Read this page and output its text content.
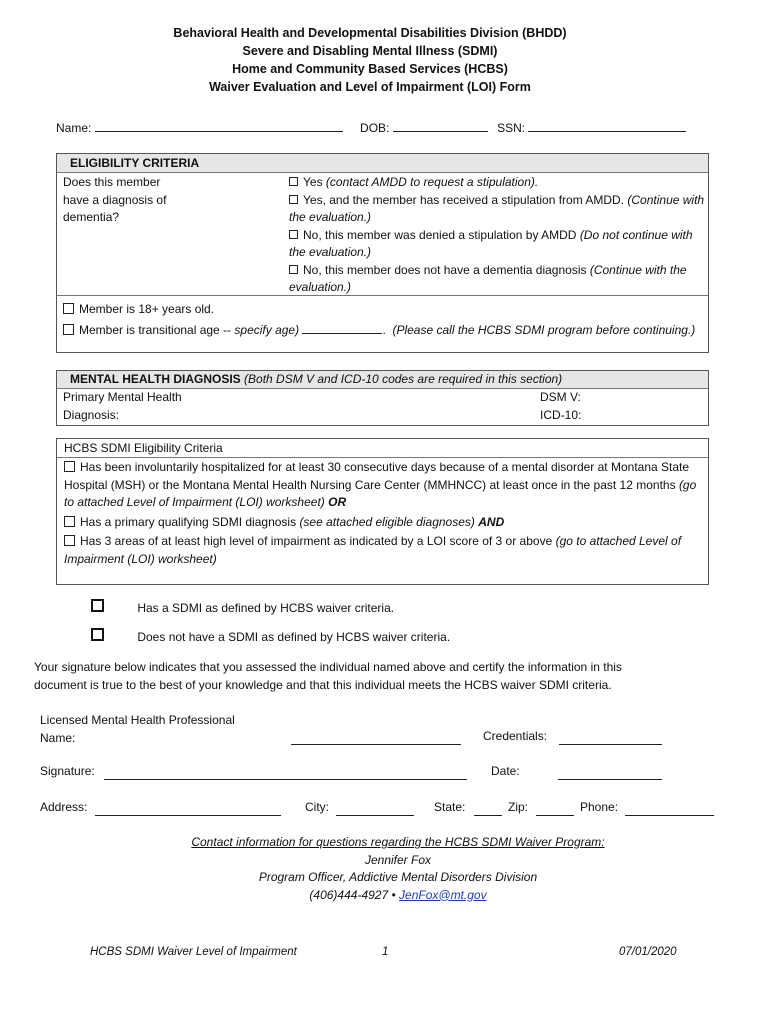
Behavioral Health and Developmental Disabilities Division (BHDD)
Severe and Disabling Mental Illness (SDMI)
Home and Community Based Services (HCBS)
Waiver Evaluation and Level of Impairment (LOI) Form
Name:	DOB:	SSN:
ELIGIBILITY CRITERIA
Does this member have a diagnosis of dementia?
Yes (contact AMDD to request a stipulation).
Yes, and the member has received a stipulation from AMDD. (Continue with the evaluation.)
No, this member was denied a stipulation by AMDD (Do not continue with the evaluation.)
No, this member does not have a dementia diagnosis (Continue with the evaluation.)
Member is 18+ years old.
Member is transitional age -- specify age)	. (Please call the HCBS SDMI program before continuing.)
MENTAL HEALTH DIAGNOSIS (Both DSM V and ICD-10 codes are required in this section)
Primary Mental Health
Diagnosis:
DSM V:
ICD-10:
HCBS SDMI Eligibility Criteria
Has been involuntarily hospitalized for at least 30 consecutive days because of a mental disorder at Montana State Hospital (MSH) or the Montana Mental Health Nursing Care Center (MMHNCC) at least once in the past 12 months (go to attached Level of Impairment (LOI) worksheet) OR
Has a primary qualifying SDMI diagnosis (see attached eligible diagnoses) AND
Has 3 areas of at least high level of impairment as indicated by a LOI score of 3 or above (go to attached Level of Impairment (LOI) worksheet)
Has a SDMI as defined by HCBS waiver criteria.
Does not have a SDMI as defined by HCBS waiver criteria.
Your signature below indicates that you assessed the individual named above and certify the information in this
document is true to the best of your knowledge and that this individual meets the HCBS waiver SDMI criteria.
Licensed Mental Health Professional
Name:	Credentials:
Signature:	Date:
Address:	City:	State:	Zip:	Phone:
Contact information for questions regarding the HCBS SDMI Waiver Program:
Jennifer Fox
Program Officer, Addictive Mental Disorders Division
(406)444-4927 • JenFox@mt.gov
HCBS SDMI Waiver Level of Impairment	1	07/01/2020
